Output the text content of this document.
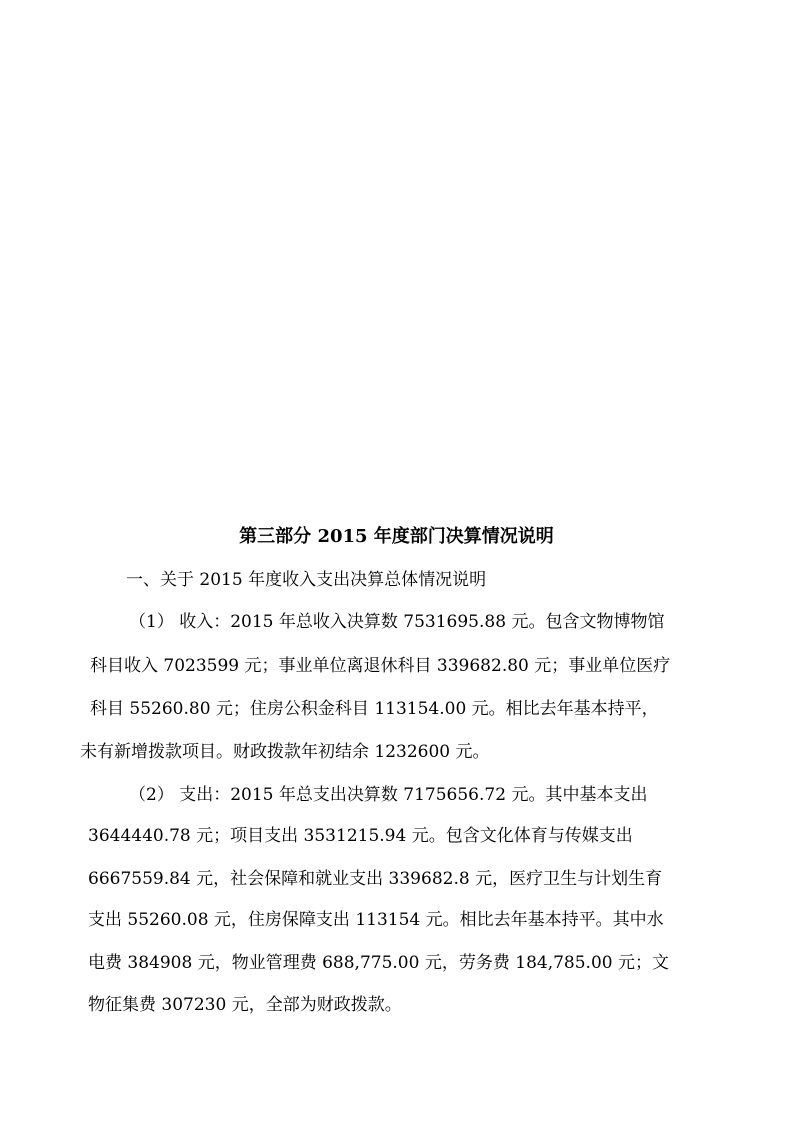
第三部分 2015 年度部门决算情况说明
一、关于 2015 年度收入支出决算总体情况说明
（1） 收入：2015 年总收入决算数 7531695.88 元。包含文物博物馆
科目收入 7023599 元；事业单位离退休科目 339682.80 元；事业单位医疗
科目 55260.80 元；住房公积金科目 113154.00 元。相比去年基本持平，
未有新增拨款项目。财政拨款年初结余 1232600 元。
（2） 支出：2015 年总支出决算数 7175656.72 元。其中基本支出
3644440.78 元；项目支出 3531215.94 元。包含文化体育与传媒支出
6667559.84 元，社会保障和就业支出 339682.8 元，医疗卫生与计划生育
支出 55260.08 元，住房保障支出 113154 元。相比去年基本持平。其中水
电费 384908 元，物业管理费 688,775.00 元，劳务费 184,785.00 元；文
物征集费 307230 元，全部为财政拨款。
